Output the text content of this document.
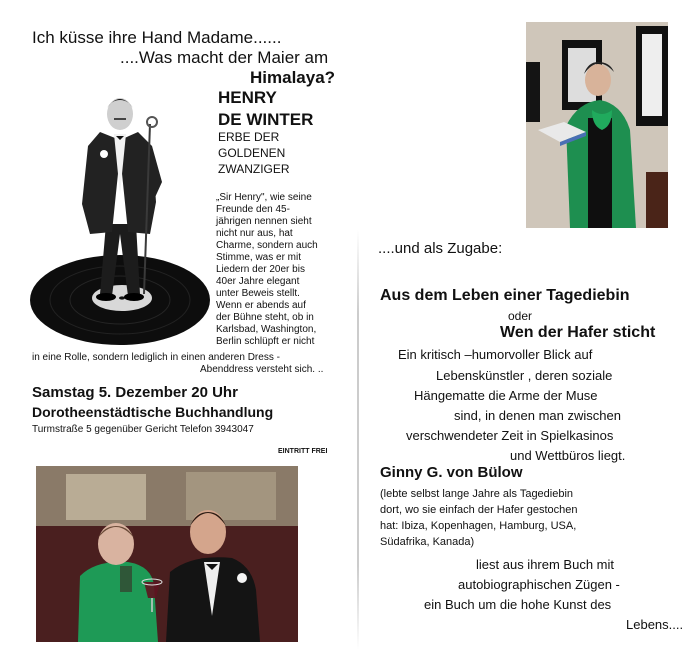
Ich küsse ihre Hand Madame......
....Was macht der Maier am
Himalaya?
HENRY
DE WINTER
ERBE DER
GOLDENEN
ZWANZIGER
„Sir Henry", wie seine
Freunde den 45-
jährigen nennen sieht
nicht nur aus, hat
Charme, sondern auch
Stimme, was er mit
Liedern der 20er bis
40er Jahre elegant
unter Beweis stellt.
Wenn er abends auf
der Bühne steht, ob in
Karlsbad, Washington,
Berlin schlüpft er nicht
in eine Rolle, sondern lediglich in einen anderen Dress -
Abenddress versteht sich. ..
Samstag 5. Dezember 20 Uhr
Dorotheenstädtische Buchhandlung
Turmstraße 5 gegenüber Gericht Telefon 3943047
EINTRITT FREI
....und als Zugabe:
Aus dem Leben einer Tagediebin
oder
Wen der Hafer sticht
Ein kritisch –humorvoller Blick auf
Lebenskünstler , deren soziale
Hängematte die Arme der Muse
sind, in denen man zwischen
verschwendeter Zeit in Spielkasinos
und Wettbüros liegt.
Ginny G. von Bülow
(lebte selbst lange Jahre als Tagediebin
dort, wo sie einfach der Hafer gestochen
hat: Ibiza, Kopenhagen, Hamburg, USA,
Südafrika, Kanada)
liest aus ihrem Buch mit
autobiographischen Zügen -
ein Buch um die hohe Kunst des
Lebens....
